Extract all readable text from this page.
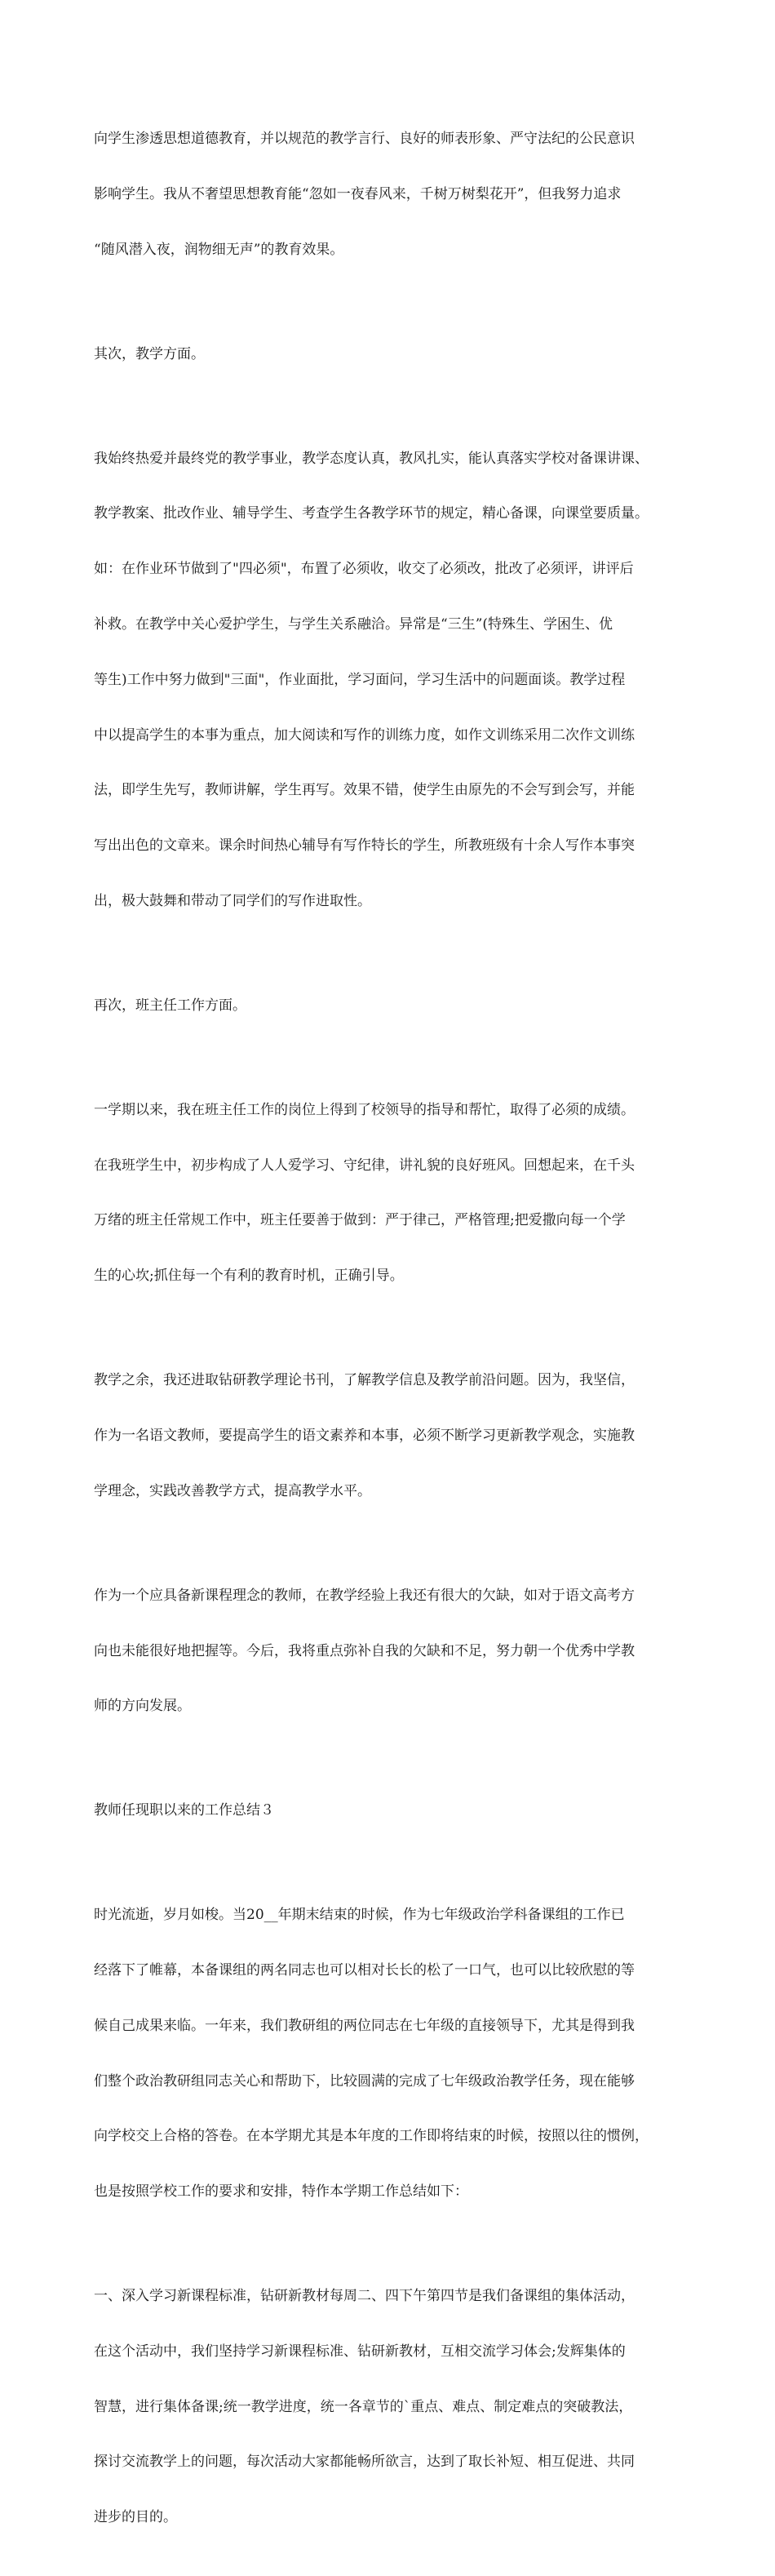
向学生渗透思想道德教育，并以规范的教学言行、良好的师表形象、严守法纪的公民意识

影响学生。我从不奢望思想教育能“忽如一夜春风来，千树万树梨花开”，但我努力追求

“随风潜入夜，润物细无声”的教育效果。

其次，教学方面。

我始终热爱并最终党的教学事业，教学态度认真，教风扎实，能认真落实学校对备课讲课、

教学教案、批改作业、辅导学生、考查学生各教学环节的规定，精心备课，向课堂要质量。

如：在作业环节做到了"四必须"，布置了必须收，收交了必须改，批改了必须评，讲评后

补救。在教学中关心爱护学生，与学生关系融洽。异常是“三生”(特殊生、学困生、优

等生)工作中努力做到"三面"，作业面批，学习面问，学习生活中的问题面谈。教学过程

中以提高学生的本事为重点，加大阅读和写作的训练力度，如作文训练采用二次作文训练

法，即学生先写，教师讲解，学生再写。效果不错，使学生由原先的不会写到会写，并能

写出出色的文章来。课余时间热心辅导有写作特长的学生，所教班级有十余人写作本事突

出，极大鼓舞和带动了同学们的写作进取性。

再次，班主任工作方面。

一学期以来，我在班主任工作的岗位上得到了校领导的指导和帮忙，取得了必须的成绩。

在我班学生中，初步构成了人人爱学习、守纪律，讲礼貌的良好班风。回想起来，在千头

万绪的班主任常规工作中，班主任要善于做到：严于律己，严格管理;把爱撒向每一个学

生的心坎;抓住每一个有利的教育时机，正确引导。

教学之余，我还进取钻研教学理论书刊，了解教学信息及教学前沿问题。因为，我坚信，

作为一名语文教师，要提高学生的语文素养和本事，必须不断学习更新教学观念，实施教

学理念，实践改善教学方式，提高教学水平。

作为一个应具备新课程理念的教师，在教学经验上我还有很大的欠缺，如对于语文高考方

向也未能很好地把握等。今后，我将重点弥补自我的欠缺和不足，努力朝一个优秀中学教

师的方向发展。

教师任现职以来的工作总结３

时光流逝，岁月如梭。当20__年期末结束的时候，作为七年级政治学科备课组的工作已

经落下了帷幕，本备课组的两名同志也可以相对长长的松了一口气，也可以比较欣慰的等

候自己成果来临。一年来，我们教研组的两位同志在七年级的直接领导下，尤其是得到我

们整个政治教研组同志关心和帮助下，比较圆满的完成了七年级政治教学任务，现在能够

向学校交上合格的答卷。在本学期尤其是本年度的工作即将结束的时候，按照以往的惯例，

也是按照学校工作的要求和安排，特作本学期工作总结如下：

一、深入学习新课程标准，钻研新教材每周二、四下午第四节是我们备课组的集体活动，

在这个活动中，我们坚持学习新课程标准、钻研新教材，互相交流学习体会;发辉集体的

智慧，进行集体备课;统一教学进度，统一各章节的`重点、难点、制定难点的突破教法，

探讨交流教学上的问题，每次活动大家都能畅所欲言，达到了取长补短、相互促进、共同

进步的目的。
